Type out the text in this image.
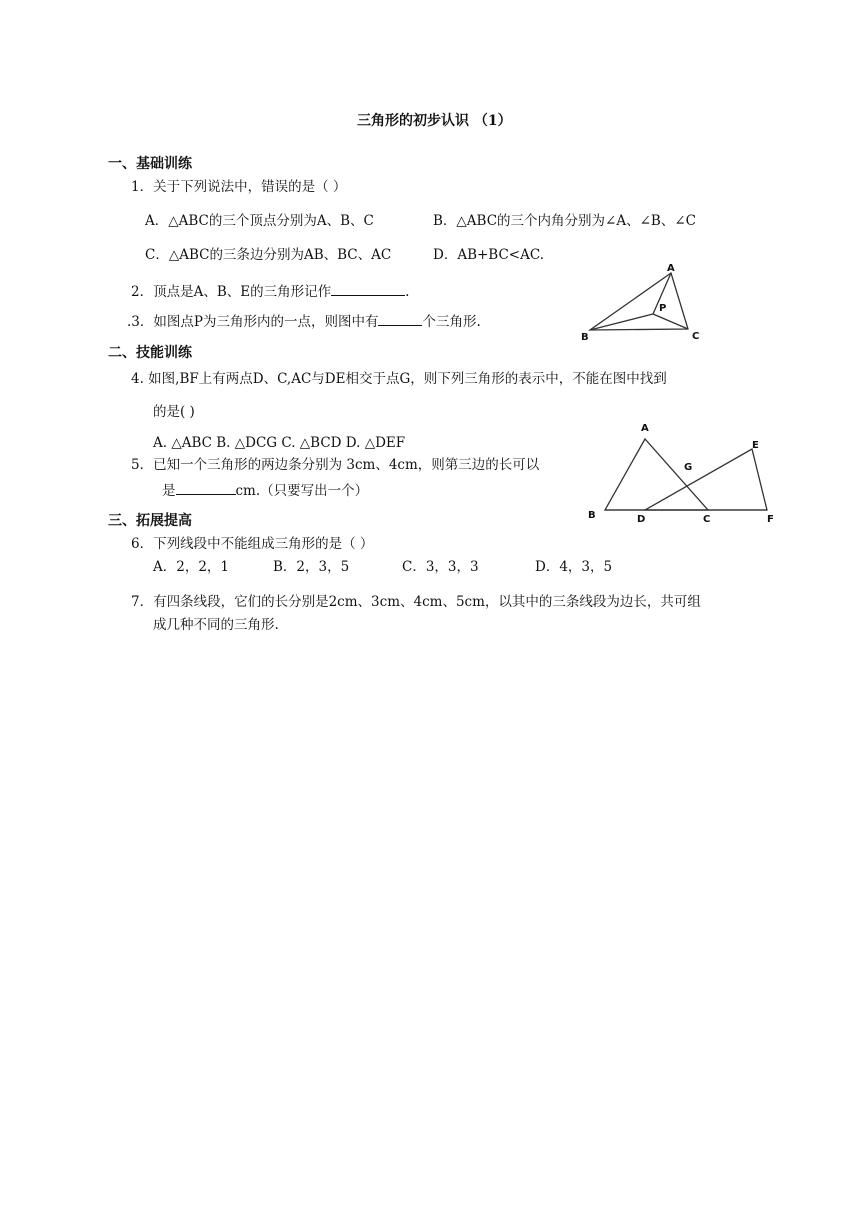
三角形的初步认识 （1）
一、基础训练
1．关于下列说法中，错误的是（ ）
A．△ABC的三个顶点分别为A、B、C	B．△ABC的三个内角分别为∠A、∠B、∠C
C．△ABC的三条边分别为AB、BC、AC	D．AB+BC<AC.
2．顶点是A、B、E的三角形记作	.
.3．如图点P为三角形内的一点，则图中有	个三角形.
A
B	C
P
二、技能训练
4. 如图,BF上有两点D、C,AC与DE相交于点G，则下列三角形的表示中，不能在图中找到
的是( )
A. △ABC B. △DCG C. △BCD D. △DEF
5．已知一个三角形的两边条分别为 3cm、4cm，则第三边的长可以
是	cm.（只要写出一个）
A
B	D	C	F
E
G
三、拓展提高
6．下列线段中不能组成三角形的是（ ）
A．2，2，1	B．2，3，5	C．3，3，3	D．4，3，5
7．有四条线段，它们的长分别是2cm、3cm、4cm、5cm，以其中的三条线段为边长，共可组
成几种不同的三角形.
